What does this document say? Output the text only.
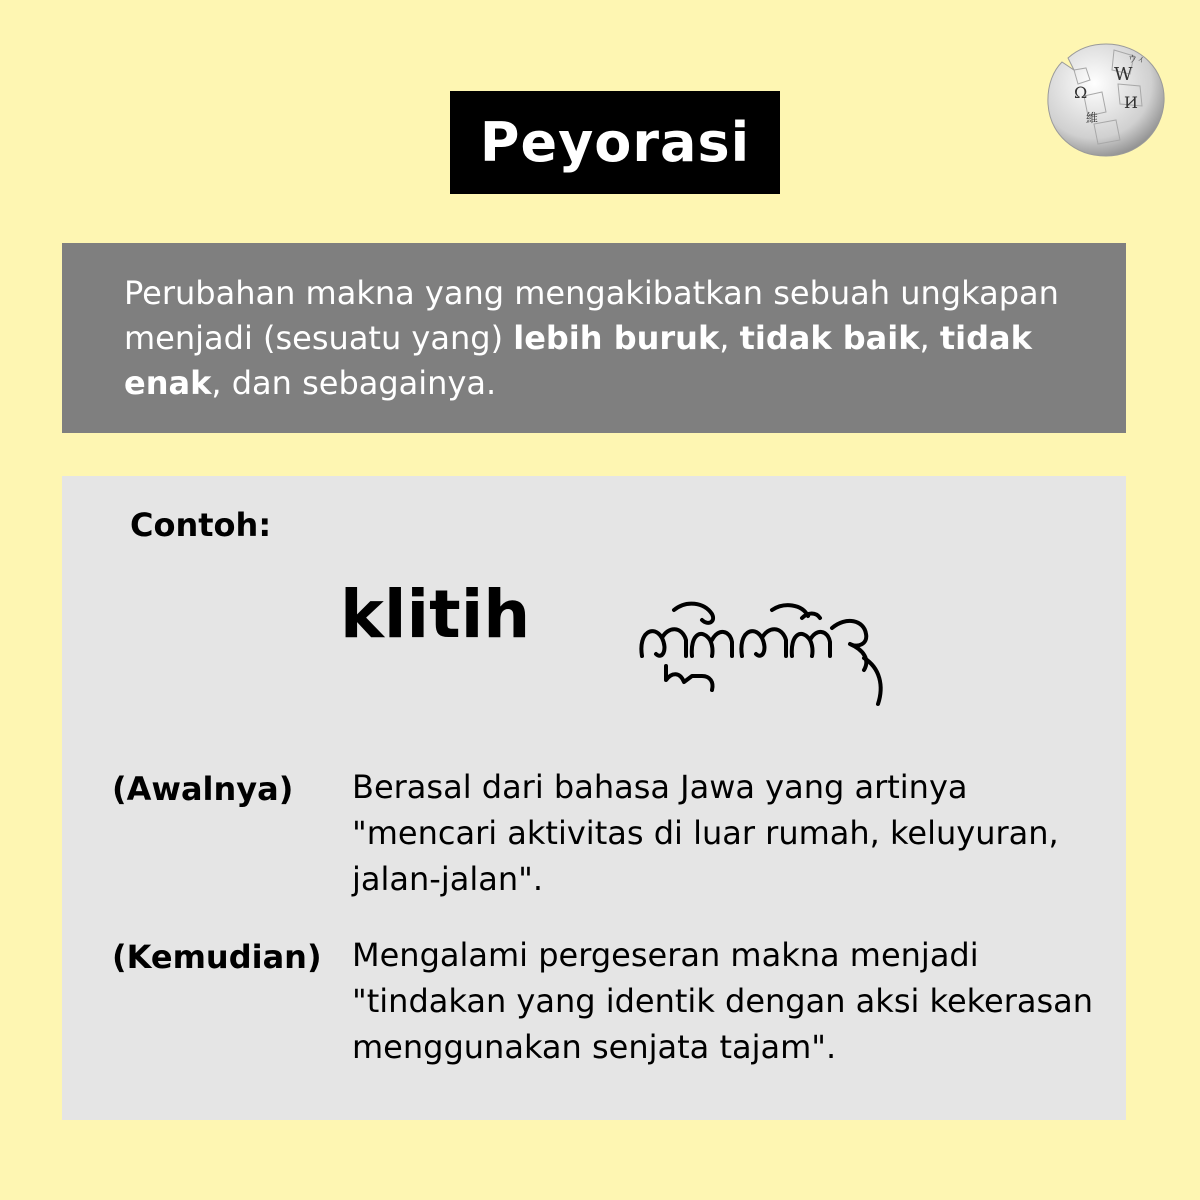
Peyorasi
W
Ω
И
維
ウィ

Perubahan makna yang mengakibatkan sebuah ungkapan menjadi (sesuatu yang) lebih buruk, tidak baik, tidak enak, dan sebagainya.

Contoh:
klitih
(Awalnya) Berasal dari bahasa Jawa yang artinya "mencari aktivitas di luar rumah, keluyuran, jalan-jalan".

(Kemudian) Mengalami pergeseran makna menjadi "tindakan yang identik dengan aksi kekerasan menggunakan senjata tajam".
